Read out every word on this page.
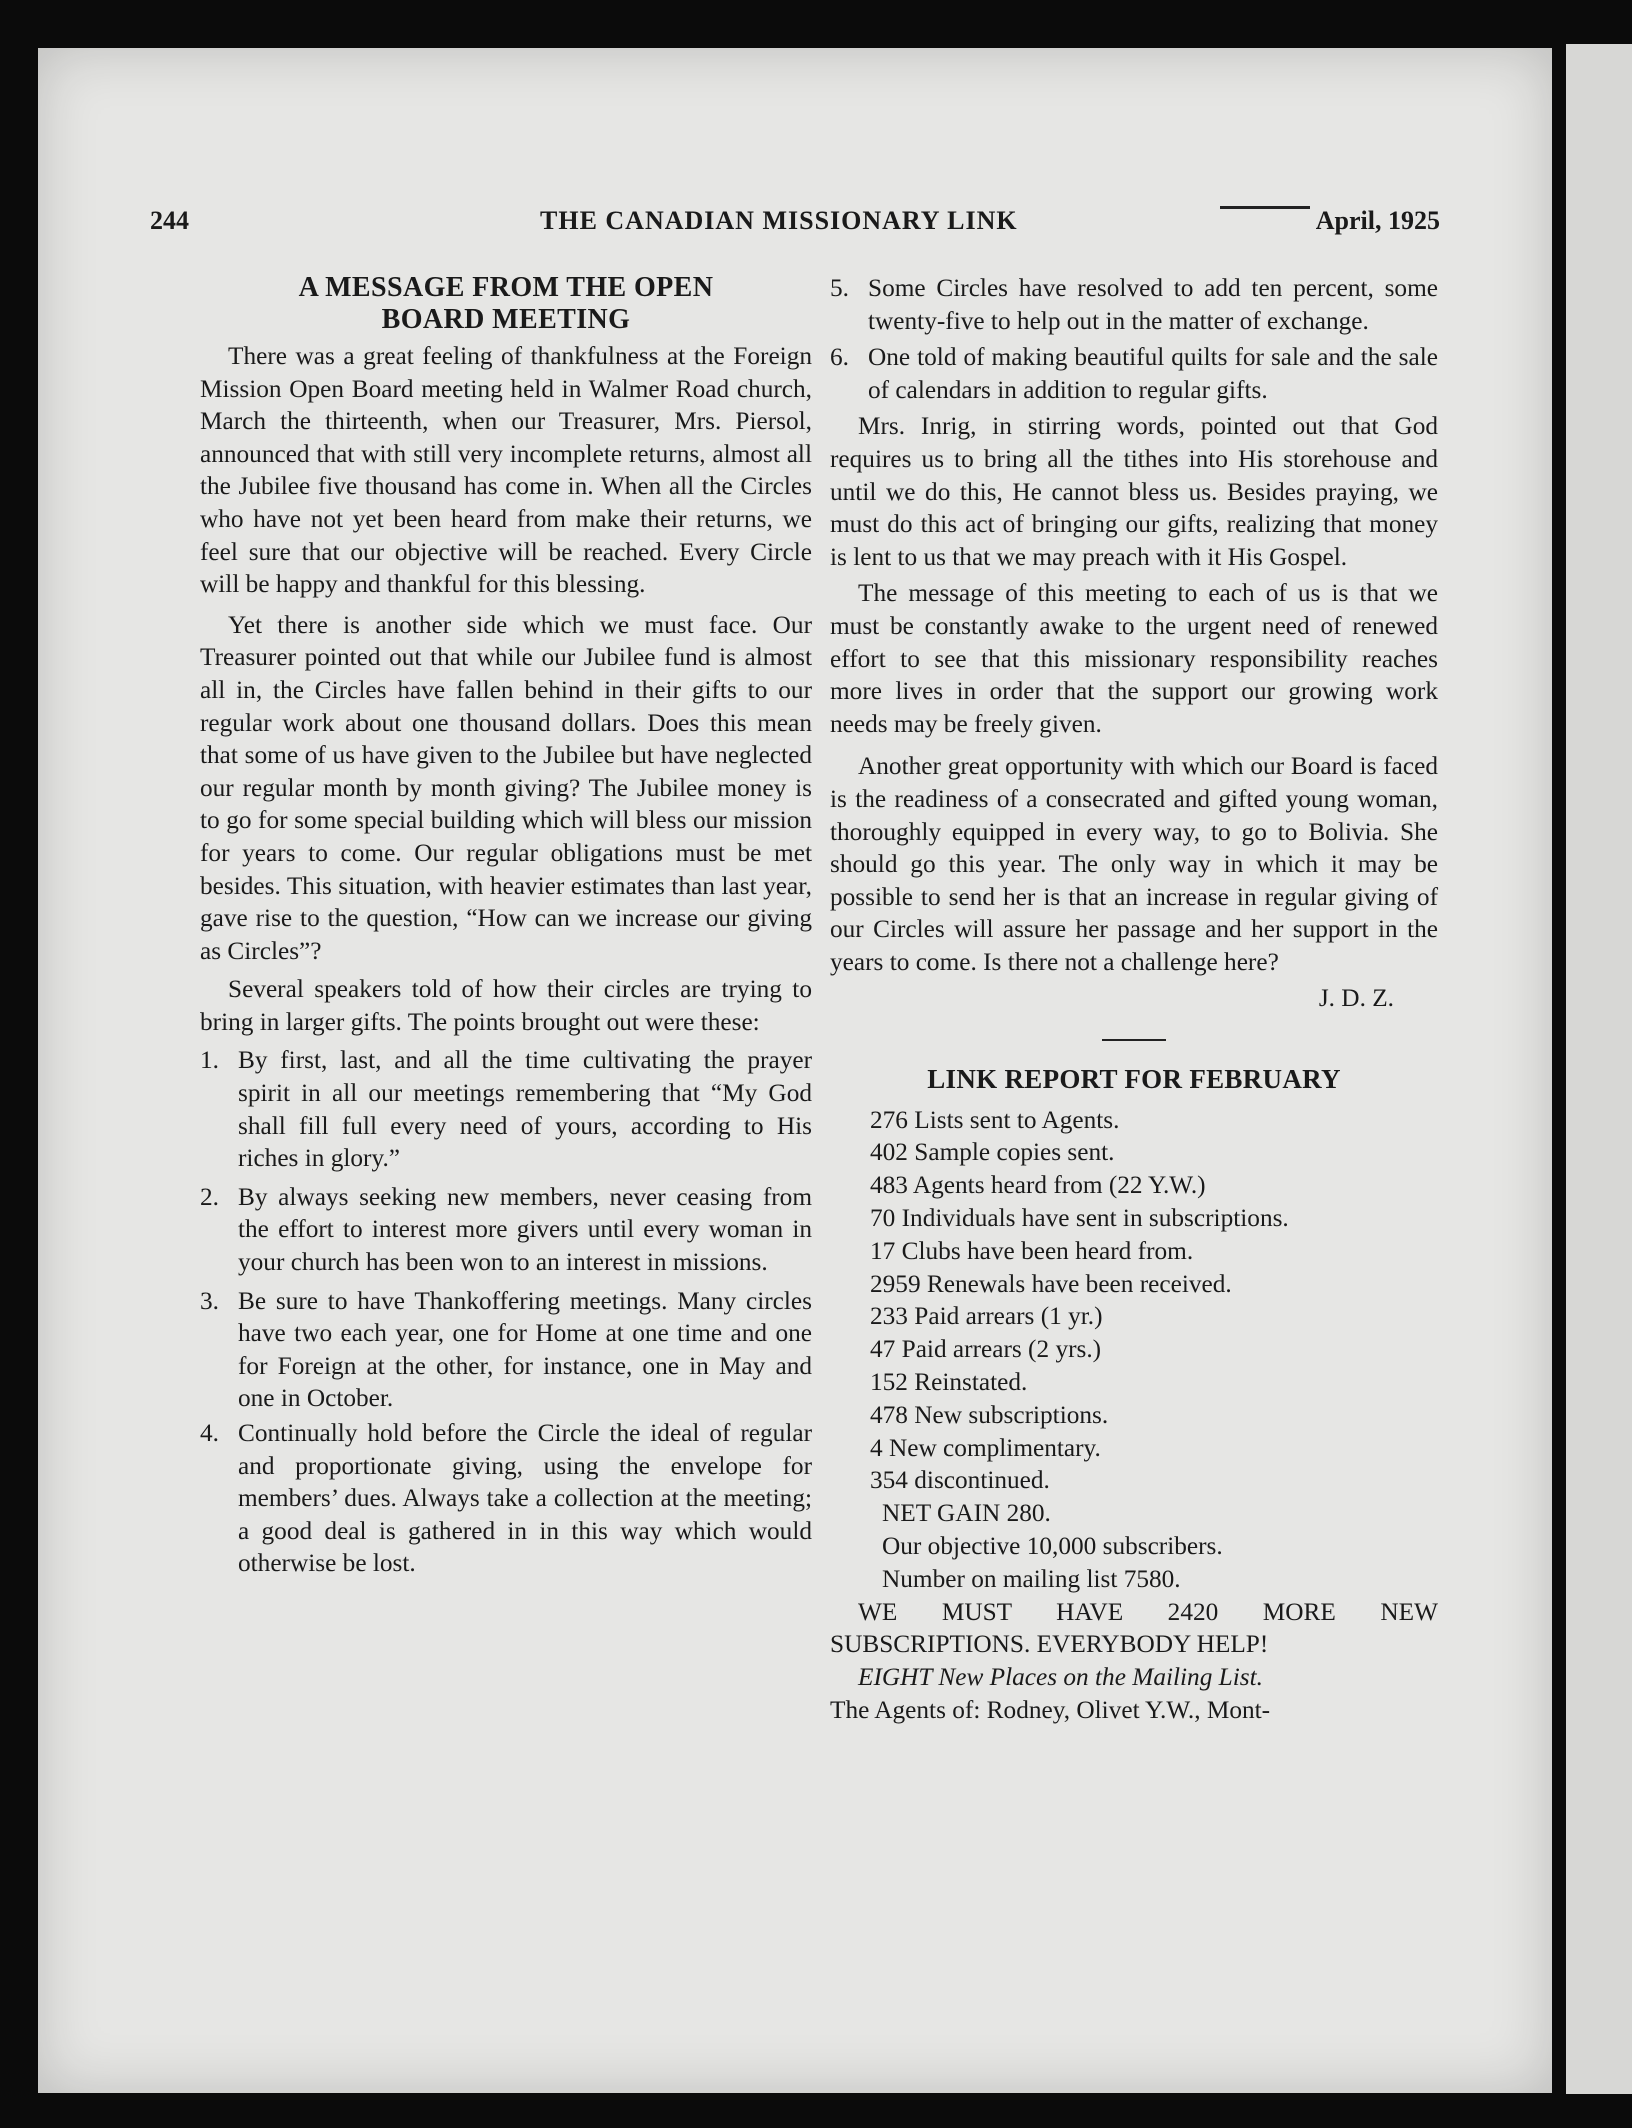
244	THE CANADIAN MISSIONARY LINK	April, 1925
A MESSAGE FROM THE OPEN
BOARD MEETING

There was a great feeling of thankfulness at the Foreign Mission Open Board meeting held in Walmer Road church, March the thirteenth, when our Treasurer, Mrs. Piersol, announced that with still very incomplete returns, almost all the Jubilee five thousand has come in. When all the Circles who have not yet been heard from make their returns, we feel sure that our objective will be reached. Every Circle will be happy and thankful for this blessing.

Yet there is another side which we must face. Our Treasurer pointed out that while our Jubilee fund is almost all in, the Circles have fallen behind in their gifts to our regular work about one thousand dollars. Does this mean that some of us have given to the Jubilee but have neglected our regular month by month giving? The Jubilee money is to go for some special building which will bless our mission for years to come. Our regular obligations must be met besides. This situation, with heavier estimates than last year, gave rise to the question, “How can we increase our giving as Circles”?

Several speakers told of how their circles are trying to bring in larger gifts. The points brought out were these:

1. By first, last, and all the time cultivating the prayer spirit in all our meetings remembering that “My God shall fill full every need of yours, according to His riches in glory.”
2. By always seeking new members, never ceasing from the effort to interest more givers until every woman in your church has been won to an interest in missions.
3. Be sure to have Thankoffering meetings. Many circles have two each year, one for Home at one time and one for Foreign at the other, for instance, one in May and one in October.
4. Continually hold before the Circle the ideal of regular and proportionate giving, using the envelope for members’ dues. Always take a collection at the meeting; a good deal is gathered in in this way which would otherwise be lost.
5. Some Circles have resolved to add ten percent, some twenty-five to help out in the matter of exchange.
6. One told of making beautiful quilts for sale and the sale of calendars in addition to regular gifts.

Mrs. Inrig, in stirring words, pointed out that God requires us to bring all the tithes into His storehouse and until we do this, He cannot bless us. Besides praying, we must do this act of bringing our gifts, realizing that money is lent to us that we may preach with it His Gospel.

The message of this meeting to each of us is that we must be constantly awake to the urgent need of renewed effort to see that this missionary responsibility reaches more lives in order that the support our growing work needs may be freely given.

Another great opportunity with which our Board is faced is the readiness of a consecrated and gifted young woman, thoroughly equipped in every way, to go to Bolivia. She should go this year. The only way in which it may be possible to send her is that an increase in regular giving of our Circles will assure her passage and her support in the years to come. Is there not a challenge here?

J. D. Z.
LINK REPORT FOR FEBRUARY
276 Lists sent to Agents.
402 Sample copies sent.
483 Agents heard from (22 Y.W.)
70 Individuals have sent in subscriptions.
17 Clubs have been heard from.
2959 Renewals have been received.
233 Paid arrears (1 yr.)
47 Paid arrears (2 yrs.)
152 Reinstated.
478 New subscriptions.
4 New complimentary.
354 discontinued.
NET GAIN 280.
Our objective 10,000 subscribers.
Number on mailing list 7580.
WE MUST HAVE 2420 MORE NEW SUBSCRIPTIONS. EVERYBODY HELP!
EIGHT New Places on the Mailing List.
The Agents of: Rodney, Olivet Y.W., Mont-
